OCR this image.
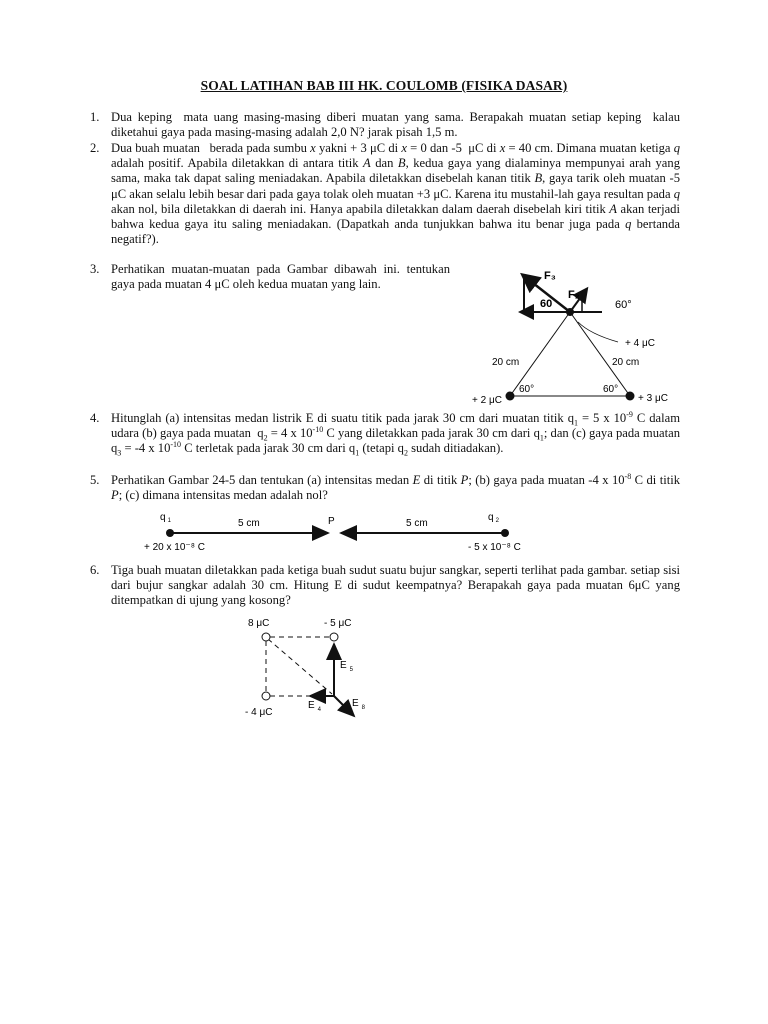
SOAL LATIHAN BAB III HK. COULOMB (FISIKA DASAR)
1. Dua keping  mata uang masing-masing diberi muatan yang sama. Berapakah muatan setiap keping  kalau diketahui gaya pada masing-masing adalah 2,0 N? jarak pisah 1,5 m.
2. Dua buah muatan   berada pada sumbu x yakni + 3 μC di x = 0 dan -5  μC di x = 40 cm. Dimana muatan ketiga q adalah positif. Apabila diletakkan di antara titik A dan B, kedua gaya yang dialaminya mempunyai arah yang sama, maka tak dapat saling meniadakan. Apabila diletakkan disebelah kanan titik B, gaya tarik oleh muatan -5 μC akan selalu lebih besar dari pada gaya tolak oleh muatan +3 μC. Karena itu mustahil-lah gaya resultan pada q akan nol, bila diletakkan di daerah ini. Hanya apabila diletakkan dalam daerah disebelah kiri titik A akan terjadi bahwa kedua gaya itu saling meniadakan. (Dapatkah anda tunjukkan bahwa itu benar juga pada q bertanda negatif?).
3. Perhatikan muatan-muatan pada Gambar dibawah ini. tentukan gaya pada muatan 4 μC oleh kedua muatan yang lain.
4. Hitunglah (a) intensitas medan listrik E di suatu titik pada jarak 30 cm dari muatan titik $q_1 = 5$ x $10^{-9}$ C dalam udara (b) gaya pada muatan  $q_2 = 4$ x $10^{-10}$ C yang diletakkan pada jarak 30 cm dari $q_1$; dan (c) gaya pada muatan $q_3 = -4$ x $10^{-10}$ C terletak pada jarak 30 cm dari $q_1$ (tetapi $q_2$ sudah ditiadakan).
5. Perhatikan Gambar 24-5 dan tentukan (a) intensitas medan E di titik P; (b) gaya pada muatan -4 x $10^{-8}$ C di titik P; (c) dimana intensitas medan adalah nol?
6. Tiga buah muatan diletakkan pada ketiga buah sudut suatu bujur sangkar, seperti terlihat pada gambar. setiap sisi dari bujur sangkar adalah 30 cm. Hitung E di sudut keempatnya? Berapakah gaya pada muatan 6μC yang ditempatkan di ujung yang kosong?
F₃
F₂
60	60°
+ 4 μC
20 cm	20 cm
60°	60°
+ 2 μC	+ 3 μC
q $_1$	q $_2$
5 cm	P	5 cm
+ 20 x 10⁻⁸ C	- 5 x 10⁻⁸ C
8 μC	- 5 μC
- 4 μC
E $_5$
E $_4$
E $_8$
